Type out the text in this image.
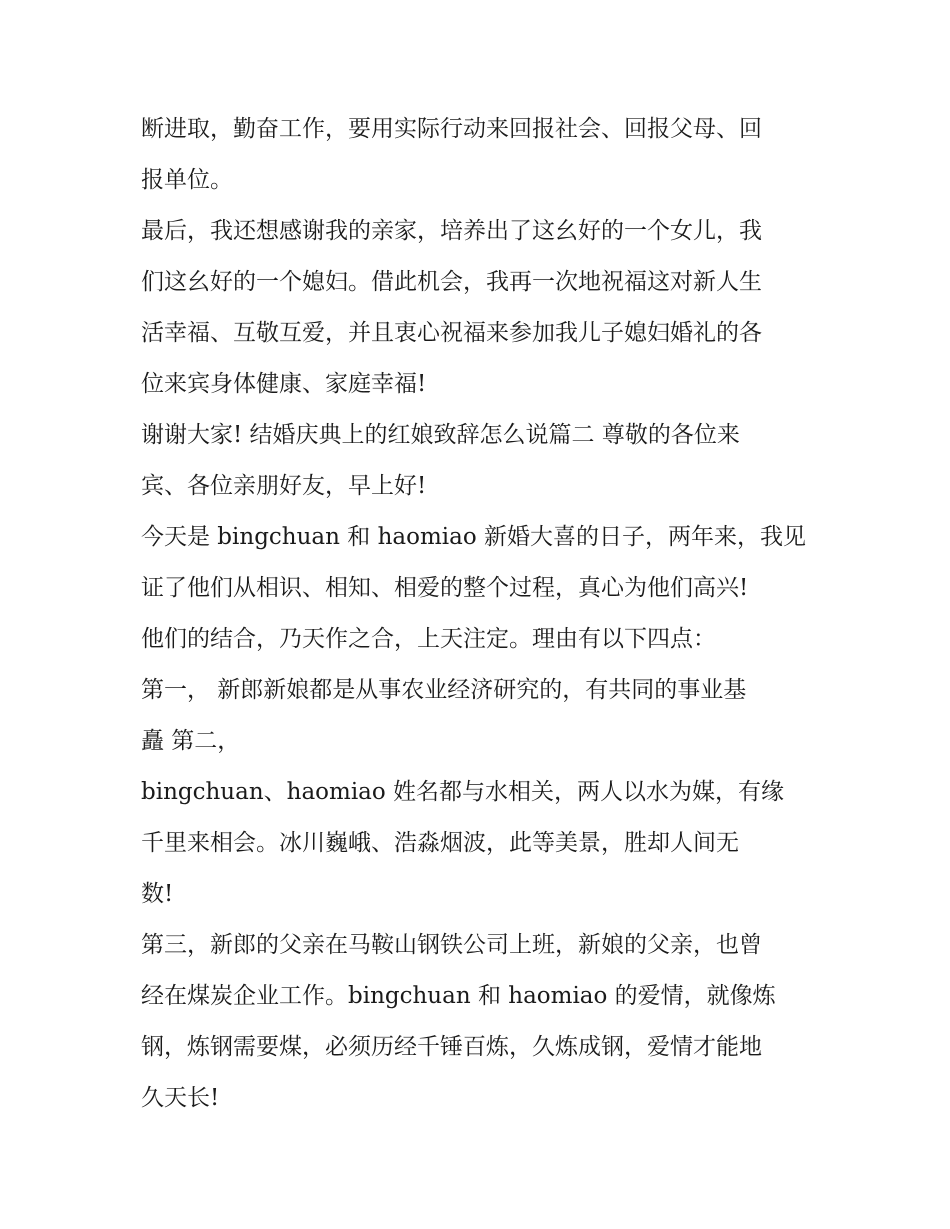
断进取，勤奋工作，要用实际行动来回报社会、回报父母、回
报单位。
最后，我还想感谢我的亲家，培养出了这幺好的一个女儿，我
们这幺好的一个媳妇。借此机会，我再一次地祝福这对新人生
活幸福、互敬互爱，并且衷心祝福来参加我儿子媳妇婚礼的各
位来宾身体健康、家庭幸福!
谢谢大家! 结婚庆典上的红娘致辞怎么说篇二 尊敬的各位来
宾、各位亲朋好友，早上好!
今天是 bingchuan 和 haomiao 新婚大喜的日子，两年来，我见
证了他们从相识、相知、相爱的整个过程，真心为他们高兴!
他们的结合，乃天作之合，上天注定。理由有以下四点：
第一， 新郎新娘都是从事农业经济研究的，有共同的事业基
矗 第二，
bingchuan、haomiao 姓名都与水相关，两人以水为媒，有缘
千里来相会。冰川巍峨、浩淼烟波，此等美景，胜却人间无
数!
第三，新郎的父亲在马鞍山钢铁公司上班，新娘的父亲，也曾
经在煤炭企业工作。bingchuan 和 haomiao 的爱情，就像炼
钢，炼钢需要煤，必须历经千锤百炼，久炼成钢，爱情才能地
久天长!
